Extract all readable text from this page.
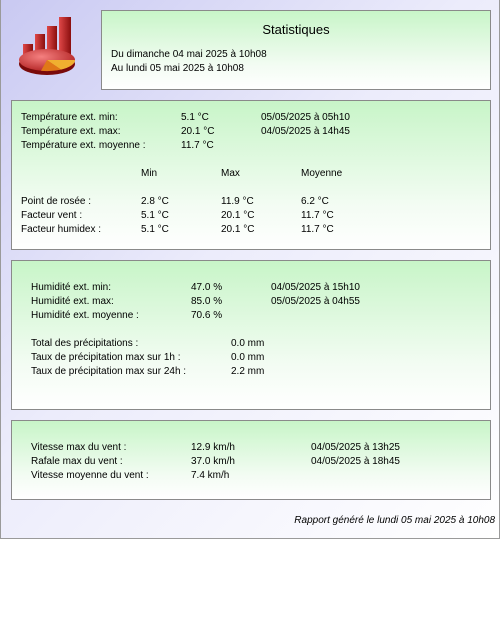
Statistiques
Du dimanche 04 mai 2025 à 10h08
Au lundi 05 mai 2025 à 10h08
Température ext. min:	5.1 °C	05/05/2025 à 05h10
Température ext. max:	20.1 °C	04/05/2025 à 14h45
Température ext. moyenne :	11.7 °C
Min	Max	Moyenne
Point de rosée :	2.8 °C	11.9 °C	6.2 °C
Facteur vent :	5.1 °C	20.1 °C	11.7 °C
Facteur humidex :	5.1 °C	20.1 °C	11.7 °C
Humidité ext. min:	47.0 %	04/05/2025 à 15h10
Humidité ext. max:	85.0 %	05/05/2025 à 04h55
Humidité ext. moyenne :	70.6 %
Total des précipitations :	0.0 mm
Taux de précipitation max sur 1h :	0.0 mm
Taux de précipitation max sur 24h :	2.2 mm
Vitesse max du vent :	12.9 km/h	04/05/2025 à 13h25
Rafale max du vent :	37.0 km/h	04/05/2025 à 18h45
Vitesse moyenne du vent :	7.4 km/h
Rapport généré le lundi 05 mai 2025 à 10h08
